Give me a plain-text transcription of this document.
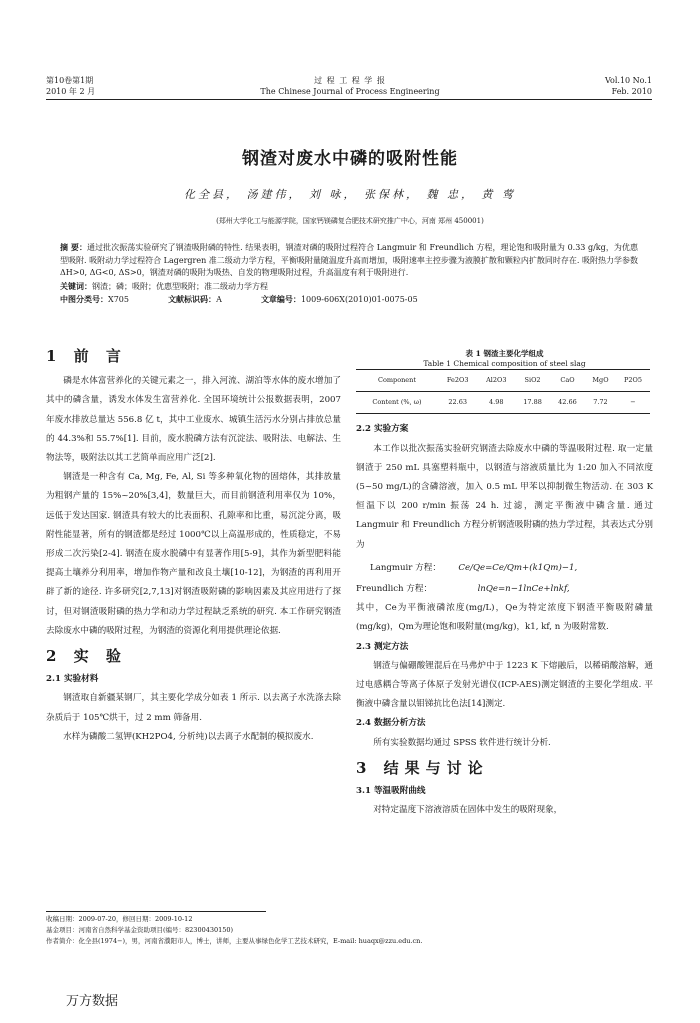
第10卷第1期
2010 年 2 月
过 程 工 程 学 报
The Chinese Journal of Process Engineering
Vol.10 No.1
Feb. 2010
钢渣对废水中磷的吸附性能
化全县， 汤建伟， 刘 咏， 张保林， 魏 忠， 黄 莺
(郑州大学化工与能源学院，国家钙镁磷复合肥技术研究推广中心，河南 郑州 450001)
摘 要：通过批次振荡实验研究了钢渣吸附磷的特性. 结果表明，钢渣对磷的吸附过程符合 Langmuir 和 Freundlich 方程，理论饱和吸附量为 0.33 g/kg，为优惠型吸附. 吸附动力学过程符合 Lagergren 准二级动力学方程，平衡吸附量随温度升高而增加，吸附速率主控步骤为液膜扩散和颗粒内扩散同时存在. 吸附热力学参数ΔH>0, ΔG<0, ΔS>0，钢渣对磷的吸附为吸热、自发的物理吸附过程，升高温度有利于吸附进行.
关键词：钢渣；磷；吸附；优惠型吸附；准二级动力学方程
中图分类号：X705	文献标识码：A	文章编号：1009-606X(2010)01-0075-05
1 前 言

磷是水体富营养化的关键元素之一，排入河流、湖泊等水体的废水增加了其中的磷含量，诱发水体发生富营养化. 全国环境统计公报数据表明，2007 年废水排放总量达 556.8 亿 t，其中工业废水、城镇生活污水分别占排放总量的 44.3%和 55.7%[1]. 目前，废水脱磷方法有沉淀法、吸附法、电解法、生物法等，吸附法以其工艺简单而应用广泛[2].

钢渣是一种含有 Ca, Mg, Fe, Al, Si 等多种氧化物的固熔体，其排放量为粗钢产量的 15%~20%[3,4]，数量巨大，而目前钢渣利用率仅为 10%，远低于发达国家. 钢渣具有较大的比表面积、孔隙率和比重，易沉淀分离，吸附性能显著，所有的钢渣都是经过 1000℃以上高温形成的，性质稳定，不易形成二次污染[2-4]. 钢渣在废水脱磷中有显著作用[5-9]，其作为新型肥料能提高土壤养分利用率，增加作物产量和改良土壤[10-12]，为钢渣的再利用开辟了新的途径. 许多研究[2,7,13]对钢渣吸附磷的影响因素及其应用进行了探讨，但对钢渣吸附磷的热力学和动力学过程缺乏系统的研究. 本工作研究钢渣去除废水中磷的吸附过程，为钢渣的资源化利用提供理论依据.

2 实 验
2.1 实验材料

钢渣取自新疆某钢厂，其主要化学成分如表 1 所示. 以去离子水洗涤去除杂质后于 105℃烘干，过 2 mm 筛备用.

水样为磷酸二氢钾(KH2PO4, 分析纯)以去离子水配制的模拟废水.

表 1 钢渣主要化学组成
Table 1 Chemical composition of steel slag
Component	Fe2O3	Al2O3	SiO2	CaO	MgO	P2O5
Content (%, ω)	22.63	4.98	17.88	42.66	7.72	−
2.2 实验方案

本工作以批次振荡实验研究钢渣去除废水中磷的等温吸附过程. 取一定量钢渣于 250 mL 具塞塑料瓶中，以钢渣与溶液质量比为 1:20 加入不同浓度(5~50 mg/L)的含磷溶液，加入 0.5 mL 甲苯以抑制微生物活动. 在 303 K 恒温下以 200 r/min 振荡 24 h. 过滤，测定平衡液中磷含量. 通过 Langmuir 和 Freundlich 方程分析钢渣吸附磷的热力学过程，其表达式分别为

Langmuir 方程： Ce/Qe=Ce/Qm+(k1Qm)−1,
Freundlich 方程：	lnQe=n−1lnCe+lnkf,

其中，Ce为平衡液磷浓度(mg/L)，Qe为特定浓度下钢渣平衡吸附磷量(mg/kg)，Qm为理论饱和吸附量(mg/kg)，k1, kf, n 为吸附常数.

2.3 测定方法

钢渣与偏硼酸锂混后在马弗炉中于 1223 K 下熔融后，以稀硝酸溶解，通过电感耦合等离子体原子发射光谱仪(ICP-AES)测定钢渣的主要化学组成. 平衡液中磷含量以钼锑抗比色法[14]测定.

2.4 数据分析方法

所有实验数据均通过 SPSS 软件进行统计分析.

3 结果与讨论
3.1 等温吸附曲线

对特定温度下溶液溶质在固体中发生的吸附现象，

收稿日期：2009-07-20，修回日期：2009-10-12
基金项目：河南省自然科学基金资助项目(编号：82300430150)
作者简介：化全县(1974−)，男，河南省濮阳市人，博士，讲师，主要从事绿色化学工艺技术研究，E-mail: huaqx@zzu.edu.cn.
万方数据
